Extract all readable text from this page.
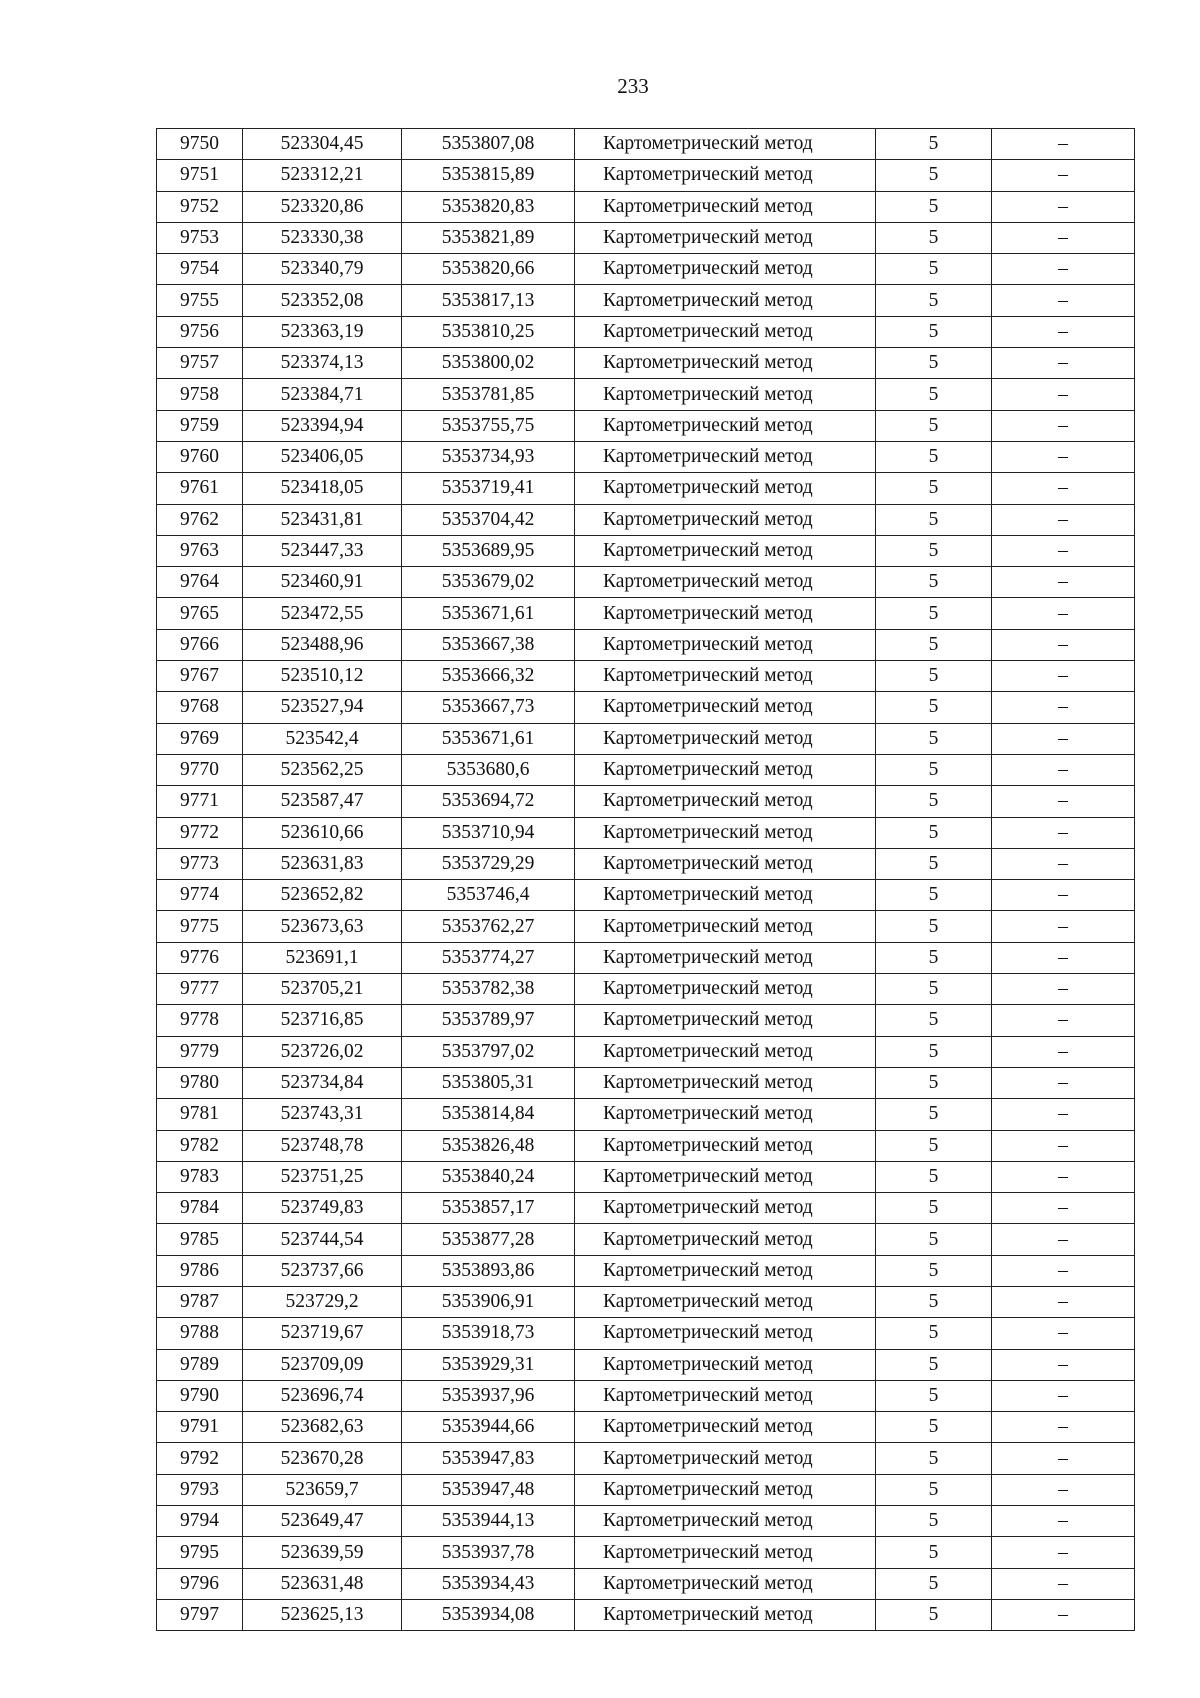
233
9750	523304,45	5353807,08	Картометрический метод	5	–
9751	523312,21	5353815,89	Картометрический метод	5	–
9752	523320,86	5353820,83	Картометрический метод	5	–
9753	523330,38	5353821,89	Картометрический метод	5	–
9754	523340,79	5353820,66	Картометрический метод	5	–
9755	523352,08	5353817,13	Картометрический метод	5	–
9756	523363,19	5353810,25	Картометрический метод	5	–
9757	523374,13	5353800,02	Картометрический метод	5	–
9758	523384,71	5353781,85	Картометрический метод	5	–
9759	523394,94	5353755,75	Картометрический метод	5	–
9760	523406,05	5353734,93	Картометрический метод	5	–
9761	523418,05	5353719,41	Картометрический метод	5	–
9762	523431,81	5353704,42	Картометрический метод	5	–
9763	523447,33	5353689,95	Картометрический метод	5	–
9764	523460,91	5353679,02	Картометрический метод	5	–
9765	523472,55	5353671,61	Картометрический метод	5	–
9766	523488,96	5353667,38	Картометрический метод	5	–
9767	523510,12	5353666,32	Картометрический метод	5	–
9768	523527,94	5353667,73	Картометрический метод	5	–
9769	523542,4	5353671,61	Картометрический метод	5	–
9770	523562,25	5353680,6	Картометрический метод	5	–
9771	523587,47	5353694,72	Картометрический метод	5	–
9772	523610,66	5353710,94	Картометрический метод	5	–
9773	523631,83	5353729,29	Картометрический метод	5	–
9774	523652,82	5353746,4	Картометрический метод	5	–
9775	523673,63	5353762,27	Картометрический метод	5	–
9776	523691,1	5353774,27	Картометрический метод	5	–
9777	523705,21	5353782,38	Картометрический метод	5	–
9778	523716,85	5353789,97	Картометрический метод	5	–
9779	523726,02	5353797,02	Картометрический метод	5	–
9780	523734,84	5353805,31	Картометрический метод	5	–
9781	523743,31	5353814,84	Картометрический метод	5	–
9782	523748,78	5353826,48	Картометрический метод	5	–
9783	523751,25	5353840,24	Картометрический метод	5	–
9784	523749,83	5353857,17	Картометрический метод	5	–
9785	523744,54	5353877,28	Картометрический метод	5	–
9786	523737,66	5353893,86	Картометрический метод	5	–
9787	523729,2	5353906,91	Картометрический метод	5	–
9788	523719,67	5353918,73	Картометрический метод	5	–
9789	523709,09	5353929,31	Картометрический метод	5	–
9790	523696,74	5353937,96	Картометрический метод	5	–
9791	523682,63	5353944,66	Картометрический метод	5	–
9792	523670,28	5353947,83	Картометрический метод	5	–
9793	523659,7	5353947,48	Картометрический метод	5	–
9794	523649,47	5353944,13	Картометрический метод	5	–
9795	523639,59	5353937,78	Картометрический метод	5	–
9796	523631,48	5353934,43	Картометрический метод	5	–
9797	523625,13	5353934,08	Картометрический метод	5	–
